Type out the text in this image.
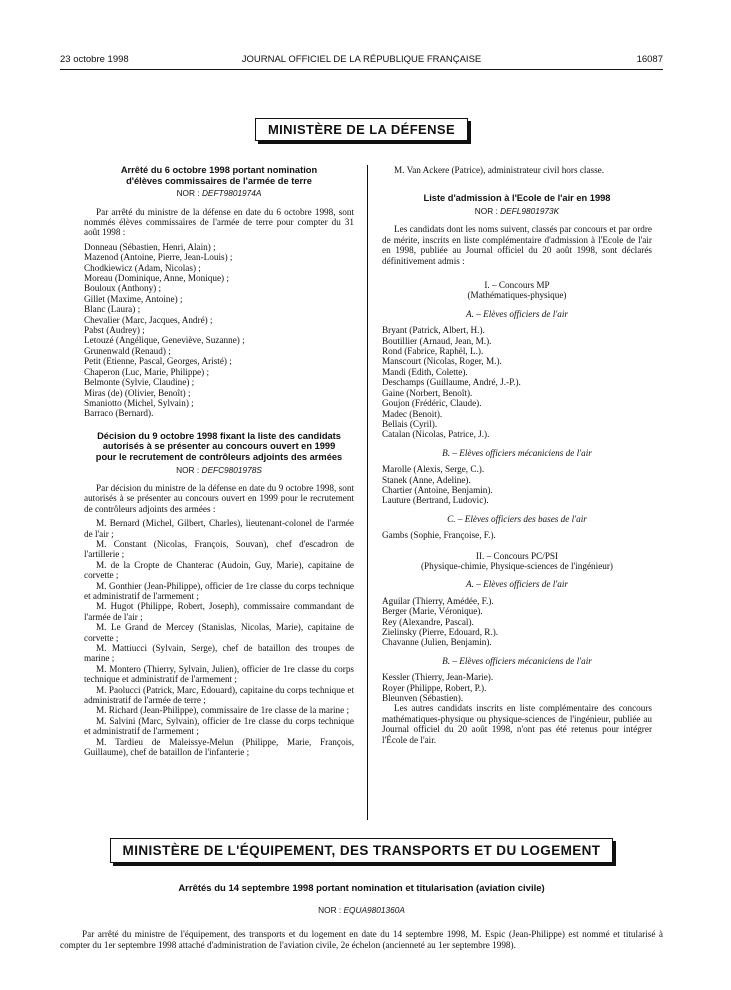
23 octobre 1998	JOURNAL OFFICIEL DE LA RÉPUBLIQUE FRANÇAISE	16087
MINISTÈRE DE LA DÉFENSE
Arrêté du 6 octobre 1998 portant nomination
d'élèves commissaires de l'armée de terre
NOR : DEFT9801974A

Par arrêté du ministre de la défense en date du 6 octobre 1998, sont nommés élèves commissaires de l'armée de terre pour compter du 31 août 1998 :

Donneau (Sébastien, Henri, Alain) ;

Mazenod (Antoine, Pierre, Jean-Louis) ;

Chodkiewicz (Adam, Nicolas) ;

Moreau (Dominique, Anne, Monique) ;

Bouloux (Anthony) ;

Gillet (Maxime, Antoine) ;

Blanc (Laura) ;

Chevalier (Marc, Jacques, André) ;

Pabst (Audrey) ;

Letouzé (Angélique, Geneviève, Suzanne) ;

Grunenwald (Renaud) ;

Petit (Etienne, Pascal, Georges, Aristé) ;

Chaperon (Luc, Marie, Philippe) ;

Belmonte (Sylvie, Claudine) ;

Miras (de) (Olivier, Benoît) ;

Smaniotto (Michel, Sylvain) ;

Barraco (Bernard).

Décision du 9 octobre 1998 fixant la liste des candidats
autorisés à se présenter au concours ouvert en 1999
pour le recrutement de contrôleurs adjoints des armées
NOR : DEFC9801978S

Par décision du ministre de la défense en date du 9 octobre 1998, sont autorisés à se présenter au concours ouvert en 1999 pour le recrutement de contrôleurs adjoints des armées :

M. Bernard (Michel, Gilbert, Charles), lieutenant-colonel de l'armée de l'air ;

M. Constant (Nicolas, François, Souvan), chef d'escadron de l'artillerie ;

M. de la Cropte de Chanterac (Audoin, Guy, Marie), capitaine de corvette ;

M. Gonthier (Jean-Philippe), officier de 1re classe du corps technique et administratif de l'armement ;

M. Hugot (Philippe, Robert, Joseph), commissaire commandant de l'armée de l'air ;

M. Le Grand de Mercey (Stanislas, Nicolas, Marie), capitaine de corvette ;

M. Mattiucci (Sylvain, Serge), chef de bataillon des troupes de marine ;

M. Montero (Thierry, Sylvain, Julien), officier de 1re classe du corps technique et administratif de l'armement ;

M. Paolucci (Patrick, Marc, Edouard), capitaine du corps technique et administratif de l'armée de terre ;

M. Richard (Jean-Philippe), commissaire de 1re classe de la marine ;

M. Salvini (Marc, Sylvain), officier de 1re classe du corps technique et administratif de l'armement ;

M. Tardieu de Maleissye-Melun (Philippe, Marie, François, Guillaume), chef de bataillon de l'infanterie ;

M. Van Ackere (Patrice), administrateur civil hors classe.

Liste d'admission à l'Ecole de l'air en 1998
NOR : DEFL9801973K

Les candidats dont les noms suivent, classés par concours et par ordre de mérite, inscrits en liste complémentaire d'admission à l'Ecole de l'air en 1998, publiée au Journal officiel du 20 août 1998, sont déclarés définitivement admis :

I. – Concours MP

(Mathématiques-physique)

A. – Elèves officiers de l'air

Bryant (Patrick, Albert, H.).

Boutillier (Arnaud, Jean, M.).

Rond (Fabrice, Raphël, L.).

Manscourt (Nicolas, Roger, M.).

Mandi (Edith, Colette).

Deschamps (Guillaume, André, J.-P.).

Gaine (Norbert, Benoît).

Goujon (Frédéric, Claude).

Madec (Benoit).

Bellais (Cyril).

Catalan (Nicolas, Patrice, J.).

B. – Elèves officiers mécaniciens de l'air

Marolle (Alexis, Serge, C.).

Stanek (Anne, Adeline).

Chartier (Antoine, Benjamin).

Lauture (Bertrand, Ludovic).

C. – Elèves officiers des bases de l'air

Gambs (Sophie, Françoise, F.).

II. – Concours PC/PSI

(Physique-chimie, Physique-sciences de l'ingénieur)

A. – Elèves officiers de l'air

Aguilar (Thierry, Amédée, F.).

Berger (Marie, Véronique).

Rey (Alexandre, Pascal).

Zielinsky (Pierre, Edouard, R.).

Chavanne (Julien, Benjamin).

B. – Elèves officiers mécaniciens de l'air

Kessler (Thierry, Jean-Marie).

Royer (Philippe, Robert, P.).

Bleunven (Sébastien).

Les autres candidats inscrits en liste complémentaire des concours mathématiques-physique ou physique-sciences de l'ingénieur, publiée au Journal officiel du 20 août 1998, n'ont pas été retenus pour intégrer l'École de l'air.

MINISTÈRE DE L'ÉQUIPEMENT, DES TRANSPORTS ET DU LOGEMENT
Arrêtés du 14 septembre 1998 portant nomination et titularisation (aviation civile)
NOR : EQUA9801360A
Par arrêté du ministre de l'équipement, des transports et du logement en date du 14 septembre 1998, M. Espic (Jean-Philippe) est nommé et titularisé à compter du 1er septembre 1998 attaché d'administration de l'aviation civile, 2e échelon (ancienneté au 1er septembre 1998).
